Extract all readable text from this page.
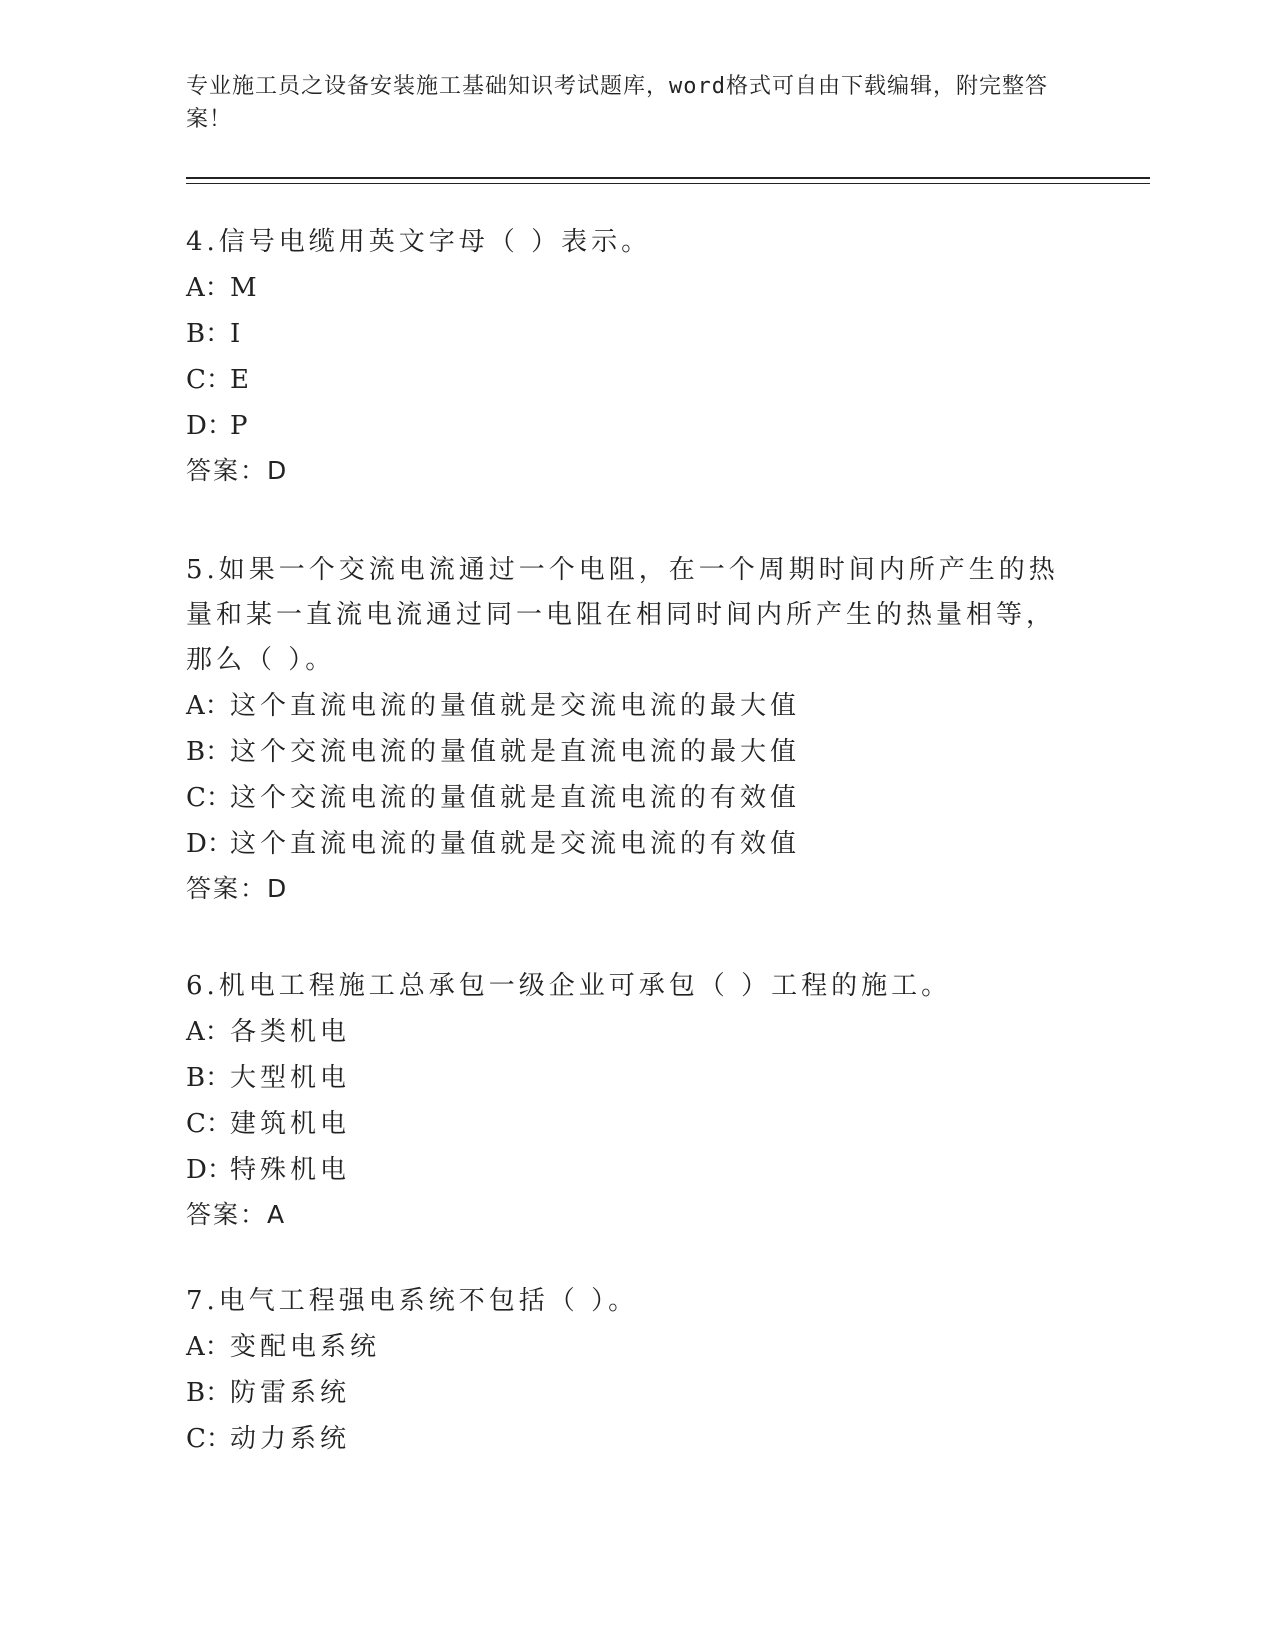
专业施工员之设备安装施工基础知识考试题库，word格式可自由下载编辑，附完整答案！
4.信号电缆用英文字母（ ）表示。
A：M
B：I
C：E
D：P
答案：D
5.如果一个交流电流通过一个电阻，在一个周期时间内所产生的热量和某一直流电流通过同一电阻在相同时间内所产生的热量相等，那么（ ）。
A：这个直流电流的量值就是交流电流的最大值
B：这个交流电流的量值就是直流电流的最大值
C：这个交流电流的量值就是直流电流的有效值
D：这个直流电流的量值就是交流电流的有效值
答案：D
6.机电工程施工总承包一级企业可承包（ ）工程的施工。
A：各类机电
B：大型机电
C：建筑机电
D：特殊机电
答案：A
7.电气工程强电系统不包括（ ）。
A：变配电系统
B：防雷系统
C：动力系统
